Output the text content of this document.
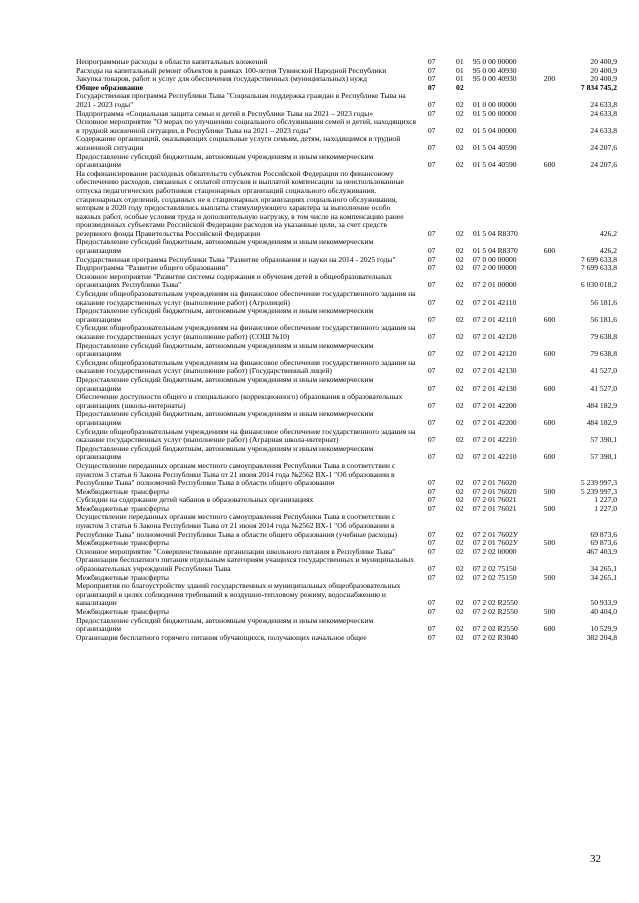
Непрограммные расходы в области капитальных вложений	07	01	95 0 00 00000		20 400,9
Расходы на капитальный ремонт объектов в рамках 100-летия Тувинской Народной Республики	07	01	95 0 00 40930		20 400,9
Закупка товаров, работ и услуг для обеспечения государственных (муниципальных) нужд	07	01	95 0 00 40930	200	20 400,9
Общее образование	07	02			7 834 745,2
Государственная программа Республики Тыва "Социальная поддержка граждан в Республике Тыва на 2021 - 2023 годы"	07	02	01 0 00 00000		24 633,8
Подпрограмма «Социальная защита семьи и детей в Республике Тыва на 2021 – 2023 годы»	07	02	01 5 00 00000		24 633,8
Основное мероприятие "О мерах по улучшению социального обслуживания семей и детей, находящихся в трудной жизненной ситуации, в Республике Тыва на 2021 – 2023 годы"	07	02	01 5 04 00000		24 633,8
Содержание организаций, оказывающих социальные услуги семьям, детям, находящимся в трудной жизненной ситуации	07	02	01 5 04 40590		24 207,6
Предоставление субсидий бюджетным, автономным учреждениям и иным некоммерческим организациям	07	02	01 5 04 40590	600	24 207,6
На софинансирование расходных обязательств субъектов Российской Федерации по финансовому обеспечению расходов, связанных с оплатой отпусков и выплатой компенсации за неиспользованные отпуска педагогических работников стационарных организаций социального обслуживания, стационарных отделений, созданных не в стационарных организациях социального обслуживания, которым в 2020 году предоставлялись выплаты стимулирующего характера за выполнение особо важных работ, особые условия труда и дополнительную нагрузку, в том числе на компенсацию ранее произведенных субъектами Российской Федерации расходов на указанные цели, за счет средств резервного фонда Правительства Российской Федерации	07	02	01 5 04 R8370		426,2
Предоставление субсидий бюджетным, автономным учреждениям и иным некоммерческим организациям	07	02	01 5 04 R8370	600	426,2
Государственная программа Республики Тыва "Развитие образования и науки на 2014 - 2025 годы"	07	02	07 0 00 00000		7 699 633,8
Подпрограмма "Развитие общего образования"	07	02	07 2 00 00000		7 699 633,8
Основное мероприятие "Развитие системы содержания и обучения детей в общеобразовательных организациях Республики Тыва"	07	02	07 2 01 00000		6 030 018,2
Субсидии общеобразовательным учреждениям на финансовое обеспечение государственного задания на оказание государственных услуг (выполнение работ) (Агролицей)	07	02	07 2 01 42110		56 181,6
Предоставление субсидий бюджетным, автономным учреждениям и иным некоммерческим организациям	07	02	07 2 01 42110	600	56 181,6
Субсидии общеобразовательным учреждениям на финансовое обеспечение государственного задания на оказание государственных услуг (выполнение работ) (СОШ №10)	07	02	07 2 01 42120		79 638,8
Предоставление субсидий бюджетным, автономным учреждениям и иным некоммерческим организациям	07	02	07 2 01 42120	600	79 638,8
Субсидии общеобразовательным учреждениям на финансовое обеспечение государственного задания на оказание государственных услуг (выполнение работ) (Государственный лицей)	07	02	07 2 01 42130		41 527,0
Предоставление субсидий бюджетным, автономным учреждениям и иным некоммерческим организациям	07	02	07 2 01 42130	600	41 527,0
Обеспечение доступности общего и специального (коррекционного) образования в образовательных организациях (школы-интернаты)	07	02	07 2 01 42200		484 182,9
Предоставление субсидий бюджетным, автономным учреждениям и иным некоммерческим организациям	07	02	07 2 01 42200	600	484 182,9
Субсидии общеобразовательным учреждениям на финансовое обеспечение государственного задания на оказание государственных услуг (выполнение работ) (Аграрная школа-интернат)	07	02	07 2 01 42210		57 390,1
Предоставление субсидий бюджетным, автономным учреждениям и иным некоммерческим организациям	07	02	07 2 01 42210	600	57 390,1
Осуществление переданных органам местного самоуправления Республики Тыва в соответствии с пунктом 3 статьи 6 Закона Республики Тыва от 21 июня 2014 года №2562 ВХ-1 "Об образовании в Республике Тыва" полномочий Республики Тыва в области общего образования	07	02	07 2 01 76020		5 239 997,3
Межбюджетные трансферты	07	02	07 2 01 76020	500	5 239 997,3
Субсидии на содержание детей чабанов в образовательных организациях	07	02	07 2 01 76021		1 227,0
Межбюджетные трансферты	07	02	07 2 01 76021	500	1 227,0
Осуществление переданных органам местного самоуправления Республики Тыва в соответствии с пунктом 3 статьи 6 Закона Республики Тыва от 21 июня 2014 года №2562 ВХ-1 "Об образовании в Республике Тыва" полномочий Республики Тыва в области общего образования (учебные расходы)	07	02	07 2 01 7602У		69 873,6
Межбюджетные трансферты	07	02	07 2 01 7602У	500	69 873,6
Основное мероприятие "Совершенствование организации школьного питания в Республике Тыва"	07	02	07 2 02 00000		467 403,9
Организация бесплатного питания отдельным категориям учащихся государственных и муниципальных образовательных учреждений Республики Тыва	07	02	07 2 02 75150		34 265,1
Межбюджетные трансферты	07	02	07 2 02 75150	500	34 265,1
Мероприятия по благоустройству зданий государственных и муниципальных общеобразовательных организаций в целях соблюдения требований к воздушно-тепловому режиму, водоснабжению и канализации	07	02	07 2 02 R2550		50 933,9
Межбюджетные трансферты	07	02	07 2 02 R2550	500	40 404,0
Предоставление субсидий бюджетным, автономным учреждениям и иным некоммерческим организациям	07	02	07 2 02 R2550	600	10 529,9
Организация бесплатного горячего питания обучающихся, получающих начальное общее	07	02	07 2 02 R3040		382 204,8
32
